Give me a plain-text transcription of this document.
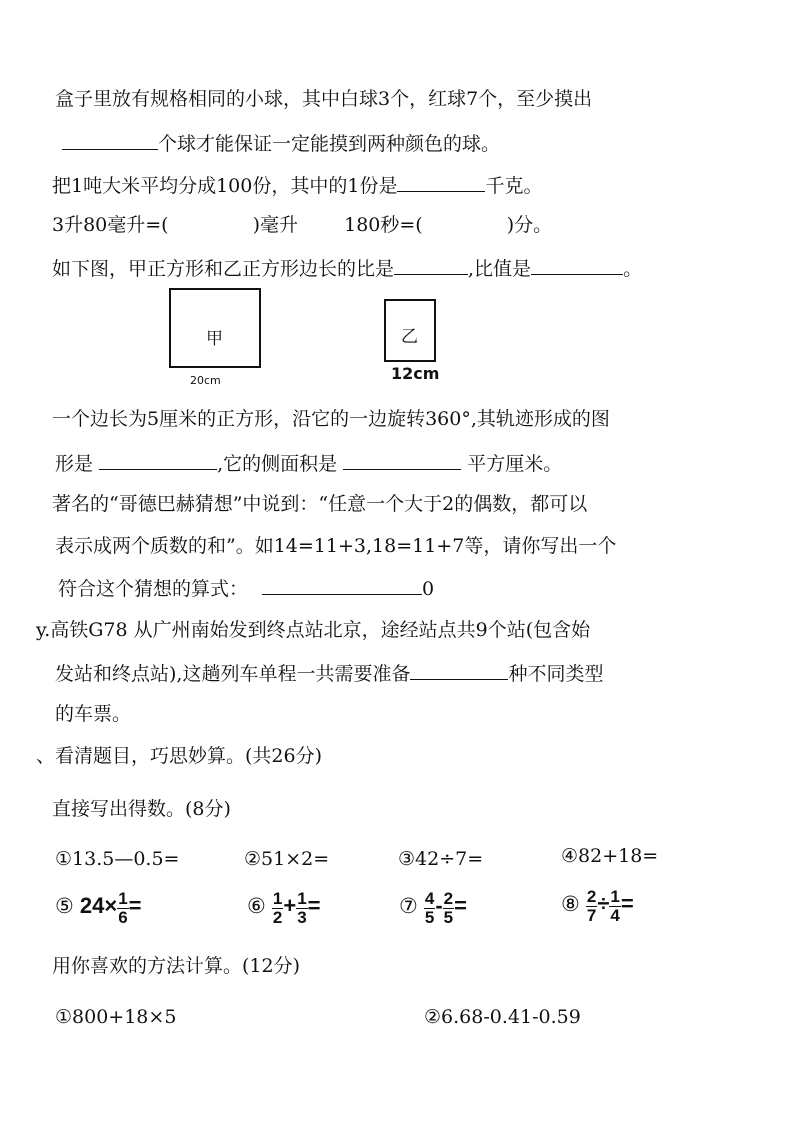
盒子里放有规格相同的小球，其中白球3个，红球7个，至少摸出
个球才能保证一定能摸到两种颜色的球。
把1吨大米平均分成100份，其中的1份是	千克。
3升80毫升=(	)毫升 180秒=(	)分。
如下图，甲正方形和乙正方形边长的比是	,比值是	。
甲
20cm
乙
12cm
一个边长为5厘米的正方形，沿它的一边旋转360°,其轨迹形成的图
形是	,它的侧面积是	平方厘米。
著名的“哥德巴赫猜想”中说到：“任意一个大于2的偶数，都可以
表示成两个质数的和”。如14=11+3,18=11+7等，请你写出一个
符合这个猜想的算式：	0
y.高铁G78 从广州南始发到终点站北京，途经站点共9个站(包含始
发站和终点站),这趟列车单程一共需要准备	种不同类型
的车票。
、看清题目，巧思妙算。(共26分)
直接写出得数。(8分)
①13.5—0.5=	②51×2=	③42÷7=	④82+18=
⑤ $24\times \frac{1}{6}$ =	⑥ $\frac{1}{2} + \frac{1}{3}$ =	⑦ $\frac{4}{5} - \frac{2}{5}$ =	⑧ $\frac{2}{7} \div \frac{1}{4}$ =
用你喜欢的方法计算。(12分)
①800+18×5	②6.68-0.41-0.59
